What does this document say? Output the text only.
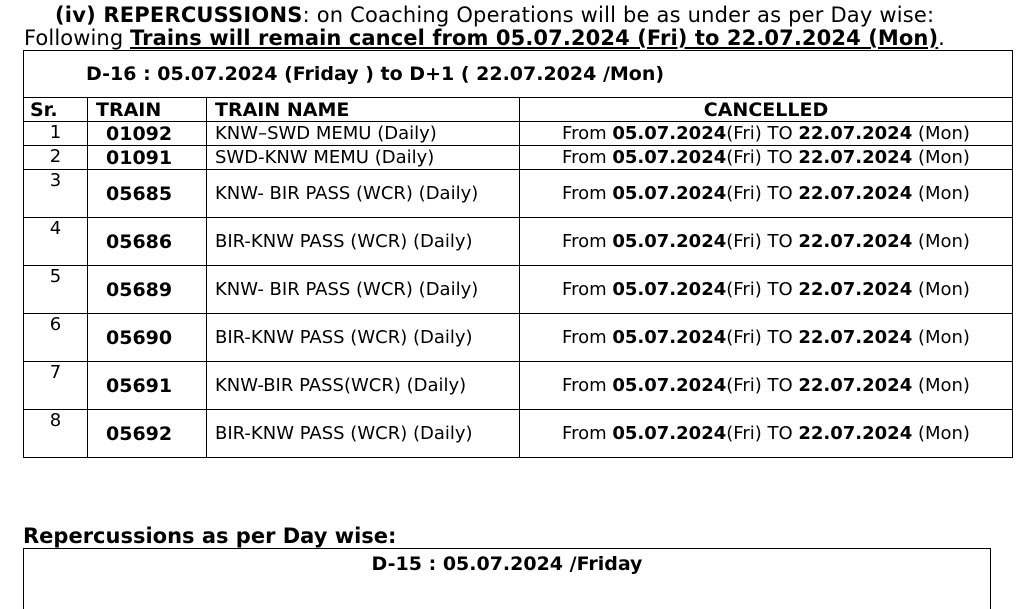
(iv) REPERCUSSIONS: on Coaching Operations will be as under as per Day wise:
Following Trains will remain cancel from 05.07.2024 (Fri) to 22.07.2024 (Mon).
D-16 : 05.07.2024 (Friday ) to D+1 ( 22.07.2024 /Mon)			
Sr.	TRAIN	TRAIN NAME	CANCELLED
1	01092	KNW–SWD MEMU (Daily)	From 05.07.2024(Fri) TO 22.07.2024 (Mon)
2	01091	SWD-KNW MEMU (Daily)	From 05.07.2024(Fri) TO 22.07.2024 (Mon)
3	05685	KNW- BIR PASS (WCR) (Daily)	From 05.07.2024(Fri) TO 22.07.2024 (Mon)
4	05686	BIR-KNW PASS (WCR) (Daily)	From 05.07.2024(Fri) TO 22.07.2024 (Mon)
5	05689	KNW- BIR PASS (WCR) (Daily)	From 05.07.2024(Fri) TO 22.07.2024 (Mon)
6	05690	BIR-KNW PASS (WCR) (Daily)	From 05.07.2024(Fri) TO 22.07.2024 (Mon)
7	05691	KNW-BIR PASS(WCR) (Daily)	From 05.07.2024(Fri) TO 22.07.2024 (Mon)
8	05692	BIR-KNW PASS (WCR) (Daily)	From 05.07.2024(Fri) TO 22.07.2024 (Mon)
Repercussions as per Day wise:
D-15 : 05.07.2024 /Friday
